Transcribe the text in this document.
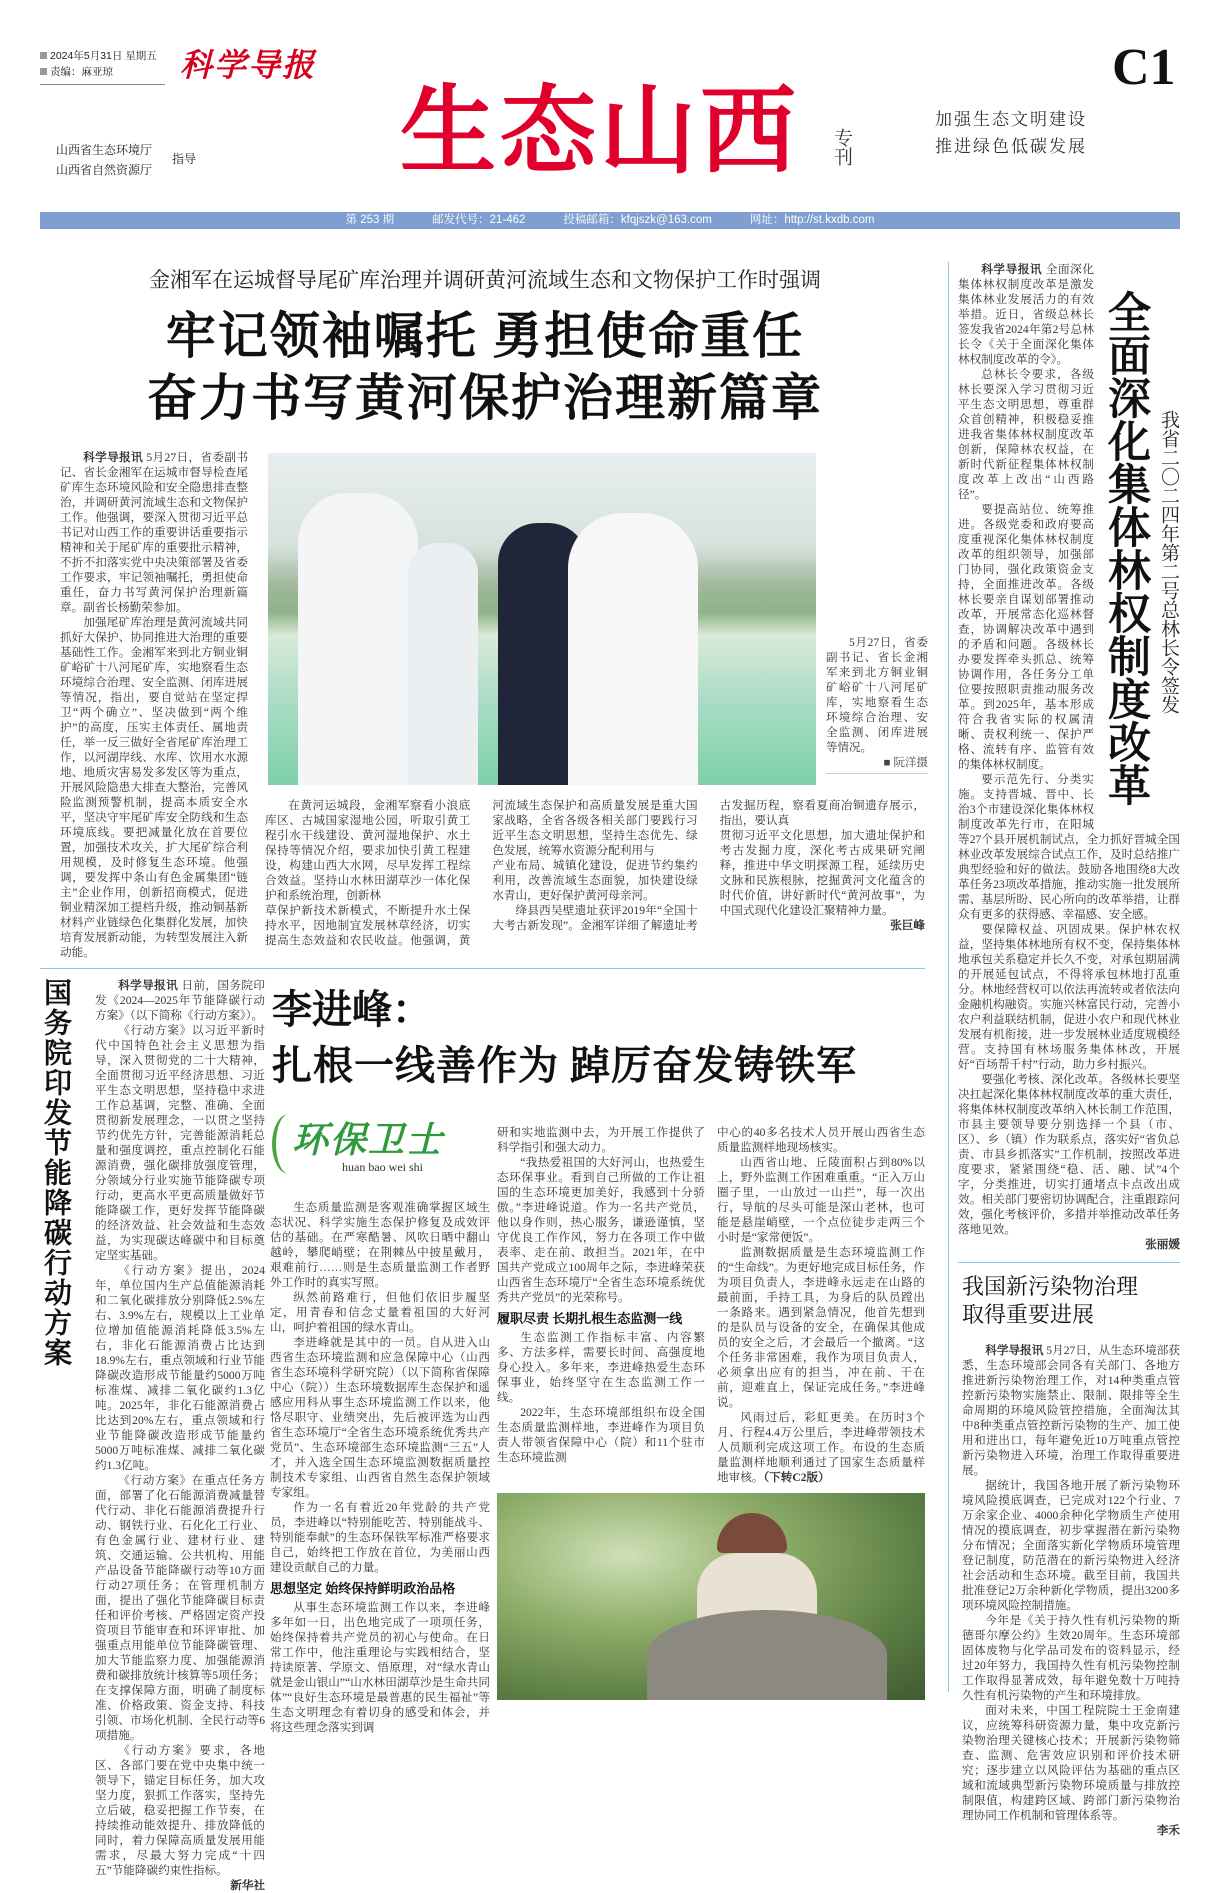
2024年5月31日 星期五
责编：麻亚琼	科学导报	C1
生态山西 专刊
山西省生态环境厅
山西省自然资源厅
指导
加强生态文明建设
推进绿色低碳发展
第 253 期	邮发代号：21-462	投稿邮箱：kfqjszk@163.com	网址：http://st.kxdb.com
金湘军在运城督导尾矿库治理并调研黄河流域生态和文物保护工作时强调
牢记领袖嘱托 勇担使命重任
奋力书写黄河保护治理新篇章

科学导报讯 5月27日，省委副书记、省长金湘军在运城市督导检查尾矿库生态环境风险和安全隐患排查整治，并调研黄河流域生态和文物保护工作。他强调，要深入贯彻习近平总书记对山西工作的重要讲话重要指示精神和关于尾矿库的重要批示精神，不折不扣落实党中央决策部署及省委工作要求，牢记领袖嘱托，勇担使命重任，奋力书写黄河保护治理新篇章。副省长杨勤荣参加。

加强尾矿库治理是黄河流域共同抓好大保护、协同推进大治理的重要基础性工作。金湘军来到北方铜业铜矿峪矿十八河尾矿库，实地察看生态环境综合治理、安全监测、闭库进展等情况，指出，要自觉站在坚定捍卫“两个确立”、坚决做到“两个维护”的高度，压实主体责任、属地责任，举一反三做好全省尾矿库治理工作，以河湖岸线、水库、饮用水水源地、地质灾害易发多发区等为重点，开展风险隐患大排查大整治，完善风险监测预警机制，提高本质安全水平，坚决守牢尾矿库安全防线和生态环境底线。要把减量化放在首要位置，加强技术攻关，扩大尾矿综合利用规模，及时修复生态环境。他强调，要发挥中条山有色金属集团“链主”企业作用，创新招商模式，促进铜业精深加工提档升级，推动铜基新材料产业链绿色化集群化发展，加快培育发展新动能，为转型发展注入新动能。

5月27日，省委副书记、省长金湘军来到北方铜业铜矿峪矿十八河尾矿库，实地察看生态环境综合治理、安全监测、闭库进展等情况。

■ 阮洋摄

在黄河运城段，金湘军察看小浪底库区、古城国家湿地公园，听取引黄工程引水干线建设、黄河湿地保护、水土保持等情况介绍，要求加快引黄工程建设，构建山西大水网，尽早发挥工程综合效益。坚持山水林田湖草沙一体化保护和系统治理，创新林

草保护新技术新模式，不断提升水土保持水平，因地制宜发展林草经济，切实提高生态效益和农民收益。他强调，黄河流域生态保护和高质量发展是重大国家战略，全省各级各相关部门要践行习近平生态文明思想，坚持生态优先、绿色发展，统筹水资源分配利用与

产业布局、城镇化建设，促进节约集约利用，改善流域生态面貌，加快建设绿水青山，更好保护黄河母亲河。

绛县西吴壁遗址获评2019年“全国十大考古新发现”。金湘军详细了解遗址考古发掘历程，察看夏商冶铜遗存展示，指出，要认真

贯彻习近平文化思想，加大遗址保护和考古发掘力度，深化考古成果研究阐释，推进中华文明探源工程，延续历史文脉和民族根脉，挖掘黄河文化蕴含的时代价值，讲好新时代“黄河故事”，为中国式现代化建设汇聚精神力量。

张巨峰

科学导报讯 全面深化集体林权制度改革是激发集体林业发展活力的有效举措。近日，省级总林长签发我省2024年第2号总林长令《关于全面深化集体林权制度改革的令》。

总林长令要求，各级林长要深入学习贯彻习近平生态文明思想，尊重群众首创精神，积极稳妥推进我省集体林权制度改革创新，保障林农权益，在新时代新征程集体林权制度改革上改出“山西路径”。

要提高站位、统筹推进。各级党委和政府要高度重视深化集体林权制度改革的组织领导，加强部门协同，强化政策资金支持，全面推进改革。各级林长要亲自谋划部署推动改革，开展常态化巡林督查，协调解决改革中遇到的矛盾和问题。各级林长办要发挥牵头抓总、统筹协调作用，各任务分工单位要按照职责推动服务改革。到2025年，基本形成符合我省实际的权属清晰、责权利统一、保护严格、流转有序、监管有效的集体林权制度。

要示范先行、分类实施。支持晋城、晋中、长治3个市建设深化集体林权制度改革先行市，在阳城等27个县开展机制试点，全力抓好晋城全国林业改革发展综合试点工作，及时总结推广典型经验和好的做法。鼓励各地围绕8大改革任务23项改革措施，推动实施一批发展所需、基层所盼、民心所向的改革举措，让群众有更多的获得感、幸福感、安全感。

要保障权益、巩固成果。保护林农权益，坚持集体林地所有权不变，保持集体林地承包关系稳定并长久不变，对承包期届满的开展延包试点，不得将承包林地打乱重分。林地经营权可以依法再流转或者依法向金融机构融资。实施兴林富民行动，完善小农户利益联结机制，促进小农户和现代林业发展有机衔接，进一步发展林业适度规模经营。支持国有林场服务集体林改，开展好“百场帮千村”行动，助力乡村振兴。

要强化考核、深化改革。各级林长要坚决扛起深化集体林权制度改革的重大责任，将集体林权制度改革纳入林长制工作范围，市县主要领导要分别选择一个县（市、区）、乡（镇）作为联系点，落实好“省负总责、市县乡抓落实”工作机制，按照改革进度要求，紧紧围绕“稳、活、融、试”4个字，分类推进，切实打通堵点卡点改出成效。相关部门要密切协调配合，注重跟踪问效，强化考核评价，多措并举推动改革任务落地见效。

张丽媛
我国新污染物治理
取得重要进展

科学导报讯 5月27日，从生态环境部获悉，生态环境部会同各有关部门、各地方推进新污染物治理工作，对14种类重点管控新污染物实施禁止、限制、限排等全生命周期的环境风险管控措施，全面淘汰其中8种类重点管控新污染物的生产、加工使用和进出口，每年避免近10万吨重点管控新污染物进入环境，治理工作取得重要进展。

据统计，我国各地开展了新污染物环境风险摸底调查，已完成对122个行业、7万余家企业、4000余种化学物质生产使用情况的摸底调查，初步掌握潜在新污染物分布情况；全面落实新化学物质环境管理登记制度，防范潜在的新污染物进入经济社会活动和生态环境。截至目前，我国共批准登记2万余种新化学物质，提出3200多项环境风险控制措施。

今年是《关于持久性有机污染物的斯德哥尔摩公约》生效20周年。生态环境部固体废物与化学品司发布的资料显示，经过20年努力，我国持久性有机污染物控制工作取得显著成效，每年避免数十万吨持久性有机污染物的产生和环境排放。

面对未来，中国工程院院士王金南建议，应统筹科研资源力量，集中攻克新污染物治理关键核心技术；开展新污染物筛查、监测、危害效应识别和评价技术研究；逐步建立以风险评估为基础的重点区域和流域典型新污染物环境质量与排放控制限值，构建跨区域、跨部门新污染物治理协同工作机制和管理体系等。

李禾
全面深化集体林权制度改革 我省二〇二四年第二号总林长令签发
国务院印发节能降碳行动方案	科学导报讯 日前，国务院印发《2024—2025年节能降碳行动方案》（以下简称《行动方案》）。

《行动方案》以习近平新时代中国特色社会主义思想为指导，深入贯彻党的二十大精神，全面贯彻习近平经济思想、习近平生态文明思想，坚持稳中求进工作总基调，完整、准确、全面贯彻新发展理念，一以贯之坚持节约优先方针，完善能源消耗总量和强度调控，重点控制化石能源消费，强化碳排放强度管理，分领域分行业实施节能降碳专项行动，更高水平更高质量做好节能降碳工作，更好发挥节能降碳的经济效益、社会效益和生态效益，为实现碳达峰碳中和目标奠定坚实基础。

《行动方案》提出，2024年，单位国内生产总值能源消耗和二氧化碳排放分别降低2.5%左右、3.9%左右，规模以上工业单位增加值能源消耗降低3.5%左右，非化石能源消费占比达到18.9%左右，重点领域和行业节能降碳改造形成节能量约5000万吨标准煤、减排二氧化碳约1.3亿吨。2025年，非化石能源消费占比达到20%左右，重点领域和行业节能降碳改造形成节能量约5000万吨标准煤、减排二氧化碳约1.3亿吨。

《行动方案》在重点任务方面，部署了化石能源消费减量替代行动、非化石能源消费提升行动、钢铁行业、石化化工行业、有色金属行业、建材行业、建筑、交通运输、公共机构、用能产品设备节能降碳行动等10方面行动27项任务；在管理机制方面，提出了强化节能降碳目标责任和评价考核、严格固定资产投资项目节能审查和环评审批、加强重点用能单位节能降碳管理、加大节能监察力度、加强能源消费和碳排放统计核算等5项任务；在支撑保障方面，明确了制度标准、价格政策、资金支持、科技引领、市场化机制、全民行动等6项措施。

《行动方案》要求，各地区、各部门要在党中央集中统一领导下，锚定目标任务，加大攻坚力度，狠抓工作落实，坚持先立后破，稳妥把握工作节奏，在持续推动能效提升、排放降低的同时，着力保障高质量发展用能需求，尽最大努力完成“十四五”节能降碳约束性指标。

新华社
李进峰：
扎根一线善作为 踔厉奋发铸铁军
环保卫士
huan bao wei shi

生态质量监测是客观准确掌握区域生态状况、科学实施生态保护修复及成效评估的基础。在严寒酷暑、风吹日晒中翻山越岭，攀爬峭壁；在荆棘丛中披星戴月，艰难前行……则是生态质量监测工作者野外工作时的真实写照。

纵然前路难行，但他们依旧步履坚定，用青春和信念丈量着祖国的大好河山，呵护着祖国的绿水青山。

李进峰就是其中的一员。自从进入山西省生态环境监测和应急保障中心（山西省生态环境科学研究院）（以下简称省保障中心（院））生态环境数据库生态保护和遥感应用科从事生态环境监测工作以来，他恪尽职守、业绩突出，先后被评选为山西省生态环境厅“全省生态环境系统优秀共产党员”、生态环境部生态环境监测“三五”人才，并入选全国生态环境监测数据质量控制技术专家组、山西省自然生态保护领域专家组。

作为一名有着近20年党龄的共产党员，李进峰以“特别能吃苦、特别能战斗、特别能奉献”的生态环保铁军标准严格要求自己，始终把工作放在首位，为美丽山西建设贡献自己的力量。

思想坚定 始终保持鲜明政治品格

从事生态环境监测工作以来，李进峰多年如一日，出色地完成了一项项任务，始终保持着共产党员的初心与使命。在日常工作中，他注重理论与实践相结合，坚持读原著、学原文、悟原理，对“绿水青山就是金山银山”“山水林田湖草沙是生命共同体”“良好生态环境是最普惠的民生福祉”等生态文明理念有着切身的感受和体会，并将这些理念落实到调

研和实地监测中去，为开展工作提供了科学指引和强大动力。

“我热爱祖国的大好河山，也热爱生态环保事业。看到自己所做的工作让祖国的生态环境更加美好，我感到十分骄傲。”李进峰说道。作为一名共产党员，他以身作则，热心服务，谦逊谨慎，坚守优良工作作风，努力在各项工作中做表率、走在前、敢担当。2021年，在中国共产党成立100周年之际，李进峰荣获山西省生态环境厅“全省生态环境系统优秀共产党员”的光荣称号。

履职尽责 长期扎根生态监测一线

生态监测工作指标丰富、内容繁多、方法多样，需要长时间、高强度地身心投入。多年来，李进峰热爱生态环保事业，始终坚守在生态监测工作一线。

2022年，生态环境部组织布设全国生态质量监测样地，李进峰作为项目负责人带领省保障中心（院）和11个驻市生态环境监测

中心的40多名技术人员开展山西省生态质量监测样地现场核实。

山西省山地、丘陵面积占到80%以上，野外监测工作困难重重。“正入万山圈子里，一山放过一山拦”，每一次出行，导航的尽头可能是深山老林，也可能是悬崖峭壁，一个点位徒步走两三个小时是“家常便饭”。

监测数据质量是生态环境监测工作的“生命线”。为更好地完成目标任务，作为项目负责人，李进峰永远走在山路的最前面，手持工具，为身后的队员蹚出一条路来。遇到紧急情况，他首先想到的是队员与设备的安全，在确保其他成员的安全之后，才会最后一个撤离。“这个任务非常困难，我作为项目负责人，必须拿出应有的担当，冲在前、干在前，迎难直上，保证完成任务。”李进峰说。

风雨过后，彩虹更美。在历时3个月、行程4.4万公里后，李进峰带领技术人员顺利完成这项工作。布设的生态质量监测样地顺利通过了国家生态质量样地审核。（下转C2版）
